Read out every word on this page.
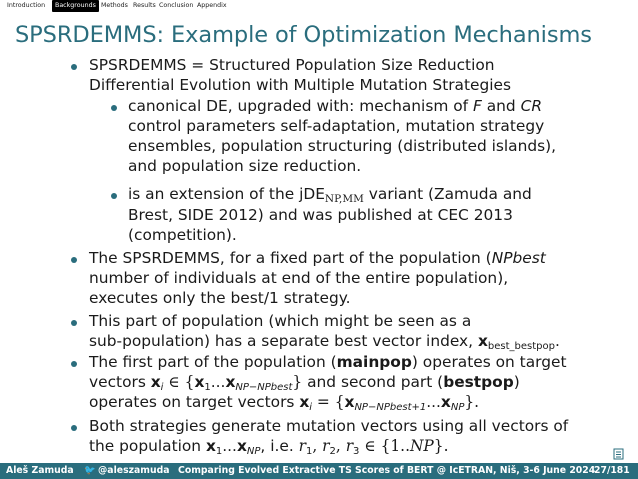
Introduction	Backgrounds Methods Results Conclusion Appendix
SPSRDEMMS: Example of Optimization Mechanisms
SPSRDEMMS = Structured Population Size Reduction
Differential Evolution with Multiple Mutation Strategies
canonical DE, upgraded with: mechanism of F and CR
control parameters self-adaptation, mutation strategy
ensembles, population structuring (distributed islands),
and population size reduction.
is an extension of the jDE$_{NP,MM}$ variant (Zamuda and
Brest, SIDE 2012) and was published at CEC 2013
(competition).
The SPSRDEMMS, for a fixed part of the population (NPbest
number of individuals at end of the entire population),
executes only the best/1 strategy.
This part of population (which might be seen as a
sub-population) has a separate best vector index, $x_{best\_bestpop}$.
The first part of the population (mainpop) operates on target
vectors $x_i$ ∈ $\{x_1...x_{NP-NPbest}\}$ and second part (bestpop)
operates on target vectors $x_i = \{x_{NP-NPbest+1}...x_{NP}\}$.
Both strategies generate mutation vectors using all vectors of
the population $x_1...x_{NP}$, i.e. $r_1$, $r_2$, $r_3$ ∈ {1..NP}.
Aleš Zamuda 🐦 @aleszamuda Comparing Evolved Extractive TS Scores of BERT @ IcETRAN, Niš, 3-6 June 2024
27/181
